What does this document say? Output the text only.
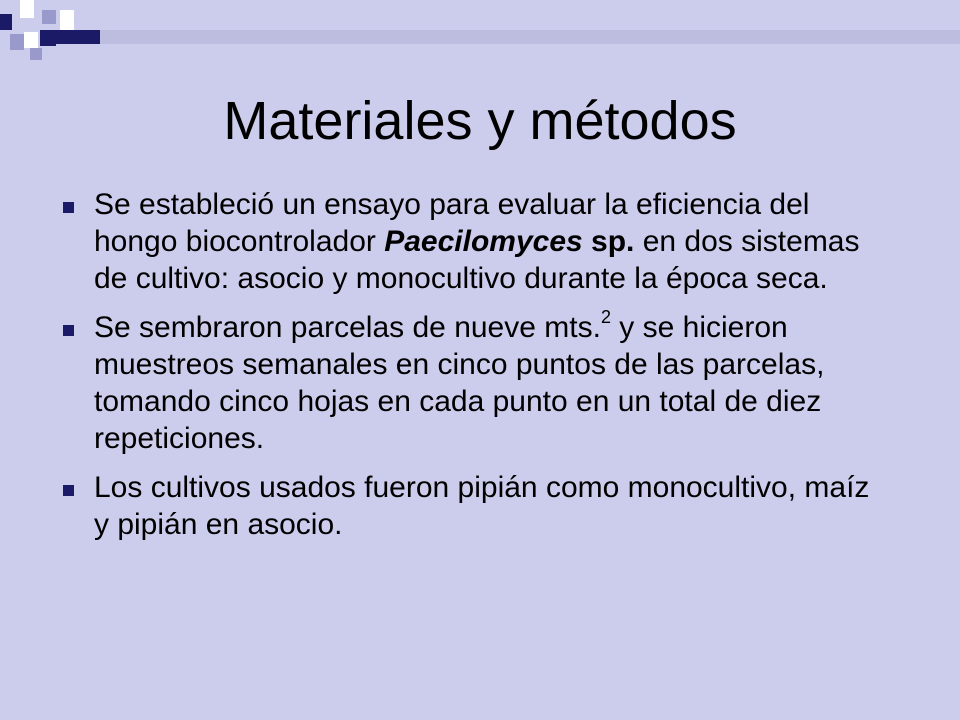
Materiales y métodos
Se estableció un ensayo para evaluar la eficiencia del hongo biocontrolador Paecilomyces sp. en dos sistemas de cultivo: asocio y monocultivo durante la época seca.
Se sembraron parcelas de nueve mts.$^2$ y se hicieron muestreos semanales en cinco puntos de las parcelas, tomando cinco hojas en cada punto en un total de diez repeticiones.
Los cultivos usados fueron pipián como monocultivo, maíz y pipián en asocio.
